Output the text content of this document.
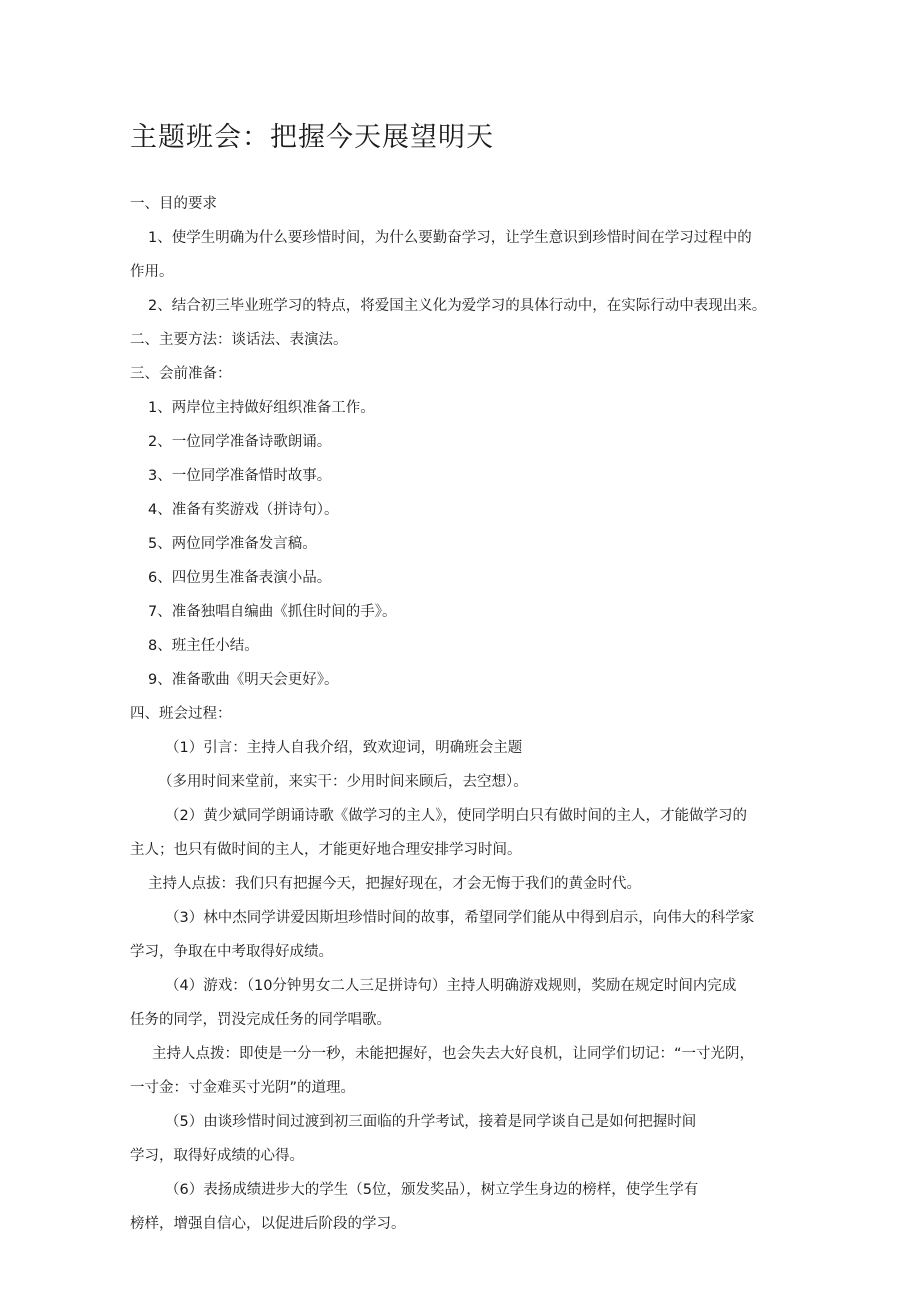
主题班会：把握今天展望明天
一、目的要求
1、使学生明确为什么要珍惜时间，为什么要勤奋学习，让学生意识到珍惜时间在学习过程中的
作用。
2、结合初三毕业班学习的特点，将爱国主义化为爱学习的具体行动中，在实际行动中表现出来。
二、主要方法：谈话法、表演法。
三、会前准备：
1、两岸位主持做好组织准备工作。
2、一位同学准备诗歌朗诵。
3、一位同学准备惜时故事。
4、准备有奖游戏（拼诗句）。
5、两位同学准备发言稿。
6、四位男生准备表演小品。
7、准备独唱自编曲《抓住时间的手》。
8、班主任小结。
9、准备歌曲《明天会更好》。
四、班会过程：
（1）引言：主持人自我介绍，致欢迎词，明确班会主题
（多用时间来堂前，来实干：少用时间来顾后，去空想）。
（2）黄少斌同学朗诵诗歌《做学习的主人》，使同学明白只有做时间的主人，才能做学习的
主人；也只有做时间的主人，才能更好地合理安排学习时间。
主持人点拔：我们只有把握今天，把握好现在，才会无悔于我们的黄金时代。
（3）林中杰同学讲爱因斯坦珍惜时间的故事，希望同学们能从中得到启示，向伟大的科学家
学习，争取在中考取得好成绩。
（4）游戏：（10分钟男女二人三足拼诗句）主持人明确游戏规则，奖励在规定时间内完成
任务的同学，罚没完成任务的同学唱歌。
主持人点拨：即使是一分一秒，未能把握好，也会失去大好良机，让同学们切记：“一寸光阴，
一寸金：寸金难买寸光阴”的道理。
（5）由谈珍惜时间过渡到初三面临的升学考试，接着是同学谈自己是如何把握时间
学习，取得好成绩的心得。
（6）表扬成绩进步大的学生（5位，颁发奖品），树立学生身边的榜样，使学生学有
榜样，增强自信心，以促进后阶段的学习。
